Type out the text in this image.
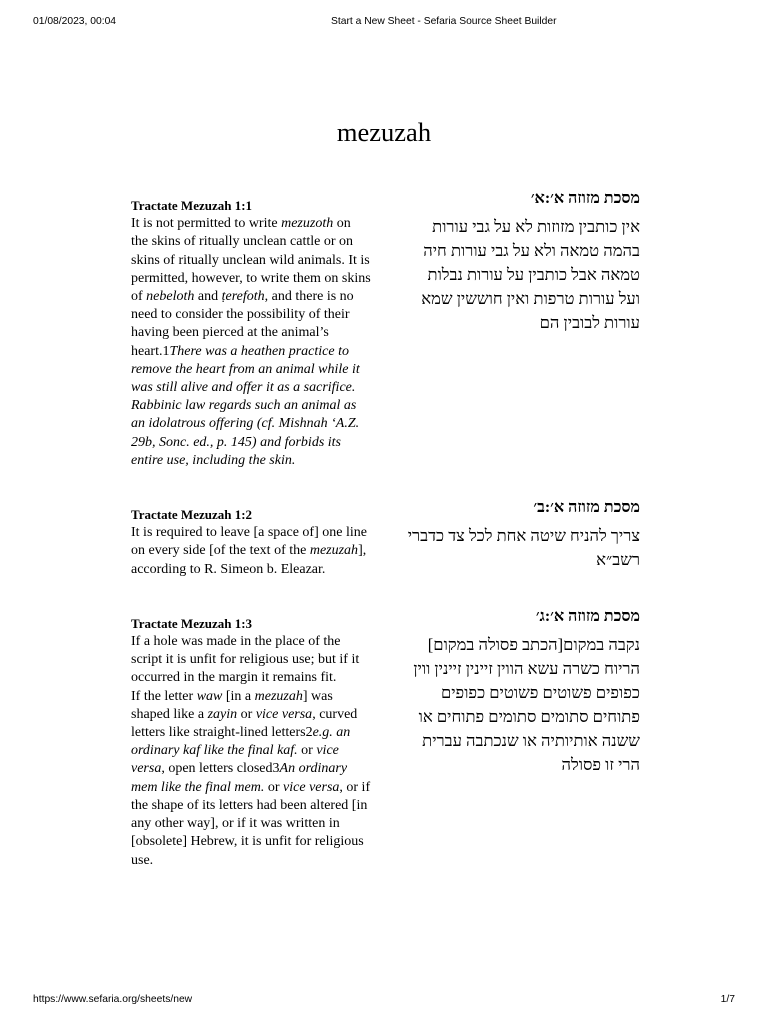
01/08/2023, 00:04	Start a New Sheet - Sefaria Source Sheet Builder
mezuzah
Tractate Mezuzah 1:1

It is not permitted to write mezuzoth on the skins of ritually unclean cattle or on skins of ritually unclean wild animals. It is permitted, however, to write them on skins of nebeloth and ṭerefoth, and there is no need to consider the possibility of their having been pierced at the animal’s heart.1There was a heathen practice to remove the heart from an animal while it was still alive and offer it as a sacrifice. Rabbinic law regards such an animal as an idolatrous offering (cf. Mishnah ‘A.Z. 29b, Sonc. ed., p. 145) and forbids its entire use, including the skin.

מסכת מזוזה א׳:א׳
אין כותבין מזוזות לא על גבי עורות בהמה טמאה ולא על גבי עורות חיה טמאה אבל כותבין על עורות נבלות ועל עורות טרפות ואין חוששין שמא עורות לבובין הם
Tractate Mezuzah 1:2

It is required to leave [a space of] one line on every side [of the text of the mezuzah], according to R. Simeon b. Eleazar.

מסכת מזוזה א׳:ב׳
צריך להניח שיטה אחת לכל צד כדברי רשב״א
Tractate Mezuzah 1:3

If a hole was made in the place of the script it is unfit for religious use; but if it occurred in the margin it remains fit.

If the letter waw [in a mezuzah] was shaped like a zayin or vice versa, curved letters like straight-lined letters2e.g. an ordinary kaf like the final kaf. or vice versa, open letters closed3An ordinary mem like the final mem. or vice versa, or if the shape of its letters had been altered [in any other way], or if it was written in [obsolete] Hebrew, it is unfit for religious use.

מסכת מזוזה א׳:ג׳
נקבה במקום[הכתב פסולה במקום] הריוח כשרה עשא הווין זיינין זיינין ווין כפופים פשוטים פשוטים כפופים פתוחים סתומים סתומים פתוחים או ששנה אותיותיה או שנכתבה עברית הרי זו פסולה
https://www.sefaria.org/sheets/new	1/7
